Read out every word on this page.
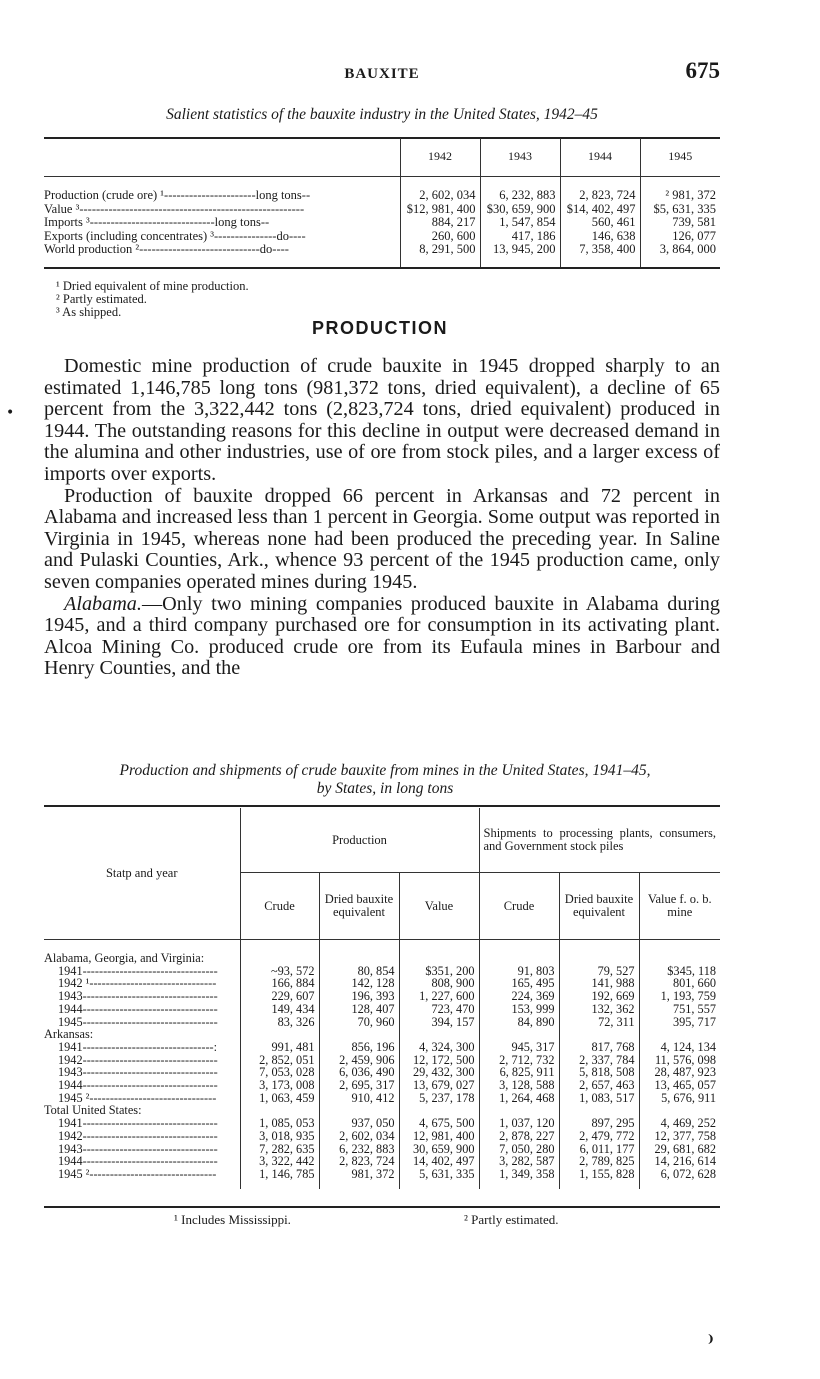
BAUXITE	675
Salient statistics of the bauxite industry in the United States, 1942–45
	1942	1943	1944	1945
Production (crude ore) ¹----------------------long tons--	2, 602, 034	6, 232, 883	2, 823, 724	² 981, 372
Value ³------------------------------------------------------	$12, 981, 400	$30, 659, 900	$14, 402, 497	$5, 631, 335
Imports ³------------------------------long tons--	884, 217	1, 547, 854	560, 461	739, 581
Exports (including concentrates) ³---------------do----	260, 600	417, 186	146, 638	126, 077
World production ²-----------------------------do----	8, 291, 500	13, 945, 200	7, 358, 400	3, 864, 000
¹ Dried equivalent of mine production.
² Partly estimated.
³ As shipped.
PRODUCTION
•

Domestic mine production of crude bauxite in 1945 dropped sharply to an estimated 1,146,785 long tons (981,372 tons, dried equivalent), a decline of 65 percent from the 3,322,442 tons (2,823,724 tons, dried equivalent) produced in 1944. The outstanding reasons for this decline in output were decreased demand in the alumina and other industries, use of ore from stock piles, and a larger excess of imports over exports.

Production of bauxite dropped 66 percent in Arkansas and 72 percent in Alabama and increased less than 1 percent in Georgia. Some output was reported in Virginia in 1945, whereas none had been produced the preceding year. In Saline and Pulaski Counties, Ark., whence 93 percent of the 1945 production came, only seven companies operated mines during 1945.

Alabama.—Only two mining companies produced bauxite in Alabama during 1945, and a third company purchased ore for consumption in its activating plant. Alcoa Mining Co. produced crude ore from its Eufaula mines in Barbour and Henry Counties, and the

Production and shipments of crude bauxite from mines in the United States, 1941–45,
by States, in long tons
Statp and year	Production			Shipments to processing plants, consumers, and Government stock piles		
	Crude	Dried bauxite equivalent	Value	Crude	Dried bauxite equivalent	Value f. o. b. mine
Alabama, Georgia, and Virginia:						
1941---------------------------------	~93, 572	80, 854	$351, 200	91, 803	79, 527	$345, 118
1942 ¹-------------------------------	166, 884	142, 128	808, 900	165, 495	141, 988	801, 660
1943---------------------------------	229, 607	196, 393	1, 227, 600	224, 369	192, 669	1, 193, 759
1944---------------------------------	149, 434	128, 407	723, 470	153, 999	132, 362	751, 557
1945---------------------------------	83, 326	70, 960	394, 157	84, 890	72, 311	395, 717
Arkansas:						
1941--------------------------------:	991, 481	856, 196	4, 324, 300	945, 317	817, 768	4, 124, 134
1942---------------------------------	2, 852, 051	2, 459, 906	12, 172, 500	2, 712, 732	2, 337, 784	11, 576, 098
1943---------------------------------	7, 053, 028	6, 036, 490	29, 432, 300	6, 825, 911	5, 818, 508	28, 487, 923
1944---------------------------------	3, 173, 008	2, 695, 317	13, 679, 027	3, 128, 588	2, 657, 463	13, 465, 057
1945 ²-------------------------------	1, 063, 459	910, 412	5, 237, 178	1, 264, 468	1, 083, 517	5, 676, 911
Total United States:						
1941---------------------------------	1, 085, 053	937, 050	4, 675, 500	1, 037, 120	897, 295	4, 469, 252
1942---------------------------------	3, 018, 935	2, 602, 034	12, 981, 400	2, 878, 227	2, 479, 772	12, 377, 758
1943---------------------------------	7, 282, 635	6, 232, 883	30, 659, 900	7, 050, 280	6, 011, 177	29, 681, 682
1944---------------------------------	3, 322, 442	2, 823, 724	14, 402, 497	3, 282, 587	2, 789, 825	14, 216, 614
1945 ²-------------------------------	1, 146, 785	981, 372	5, 631, 335	1, 349, 358	1, 155, 828	6, 072, 628
¹ Includes Mississippi.	² Partly estimated.
⁾
